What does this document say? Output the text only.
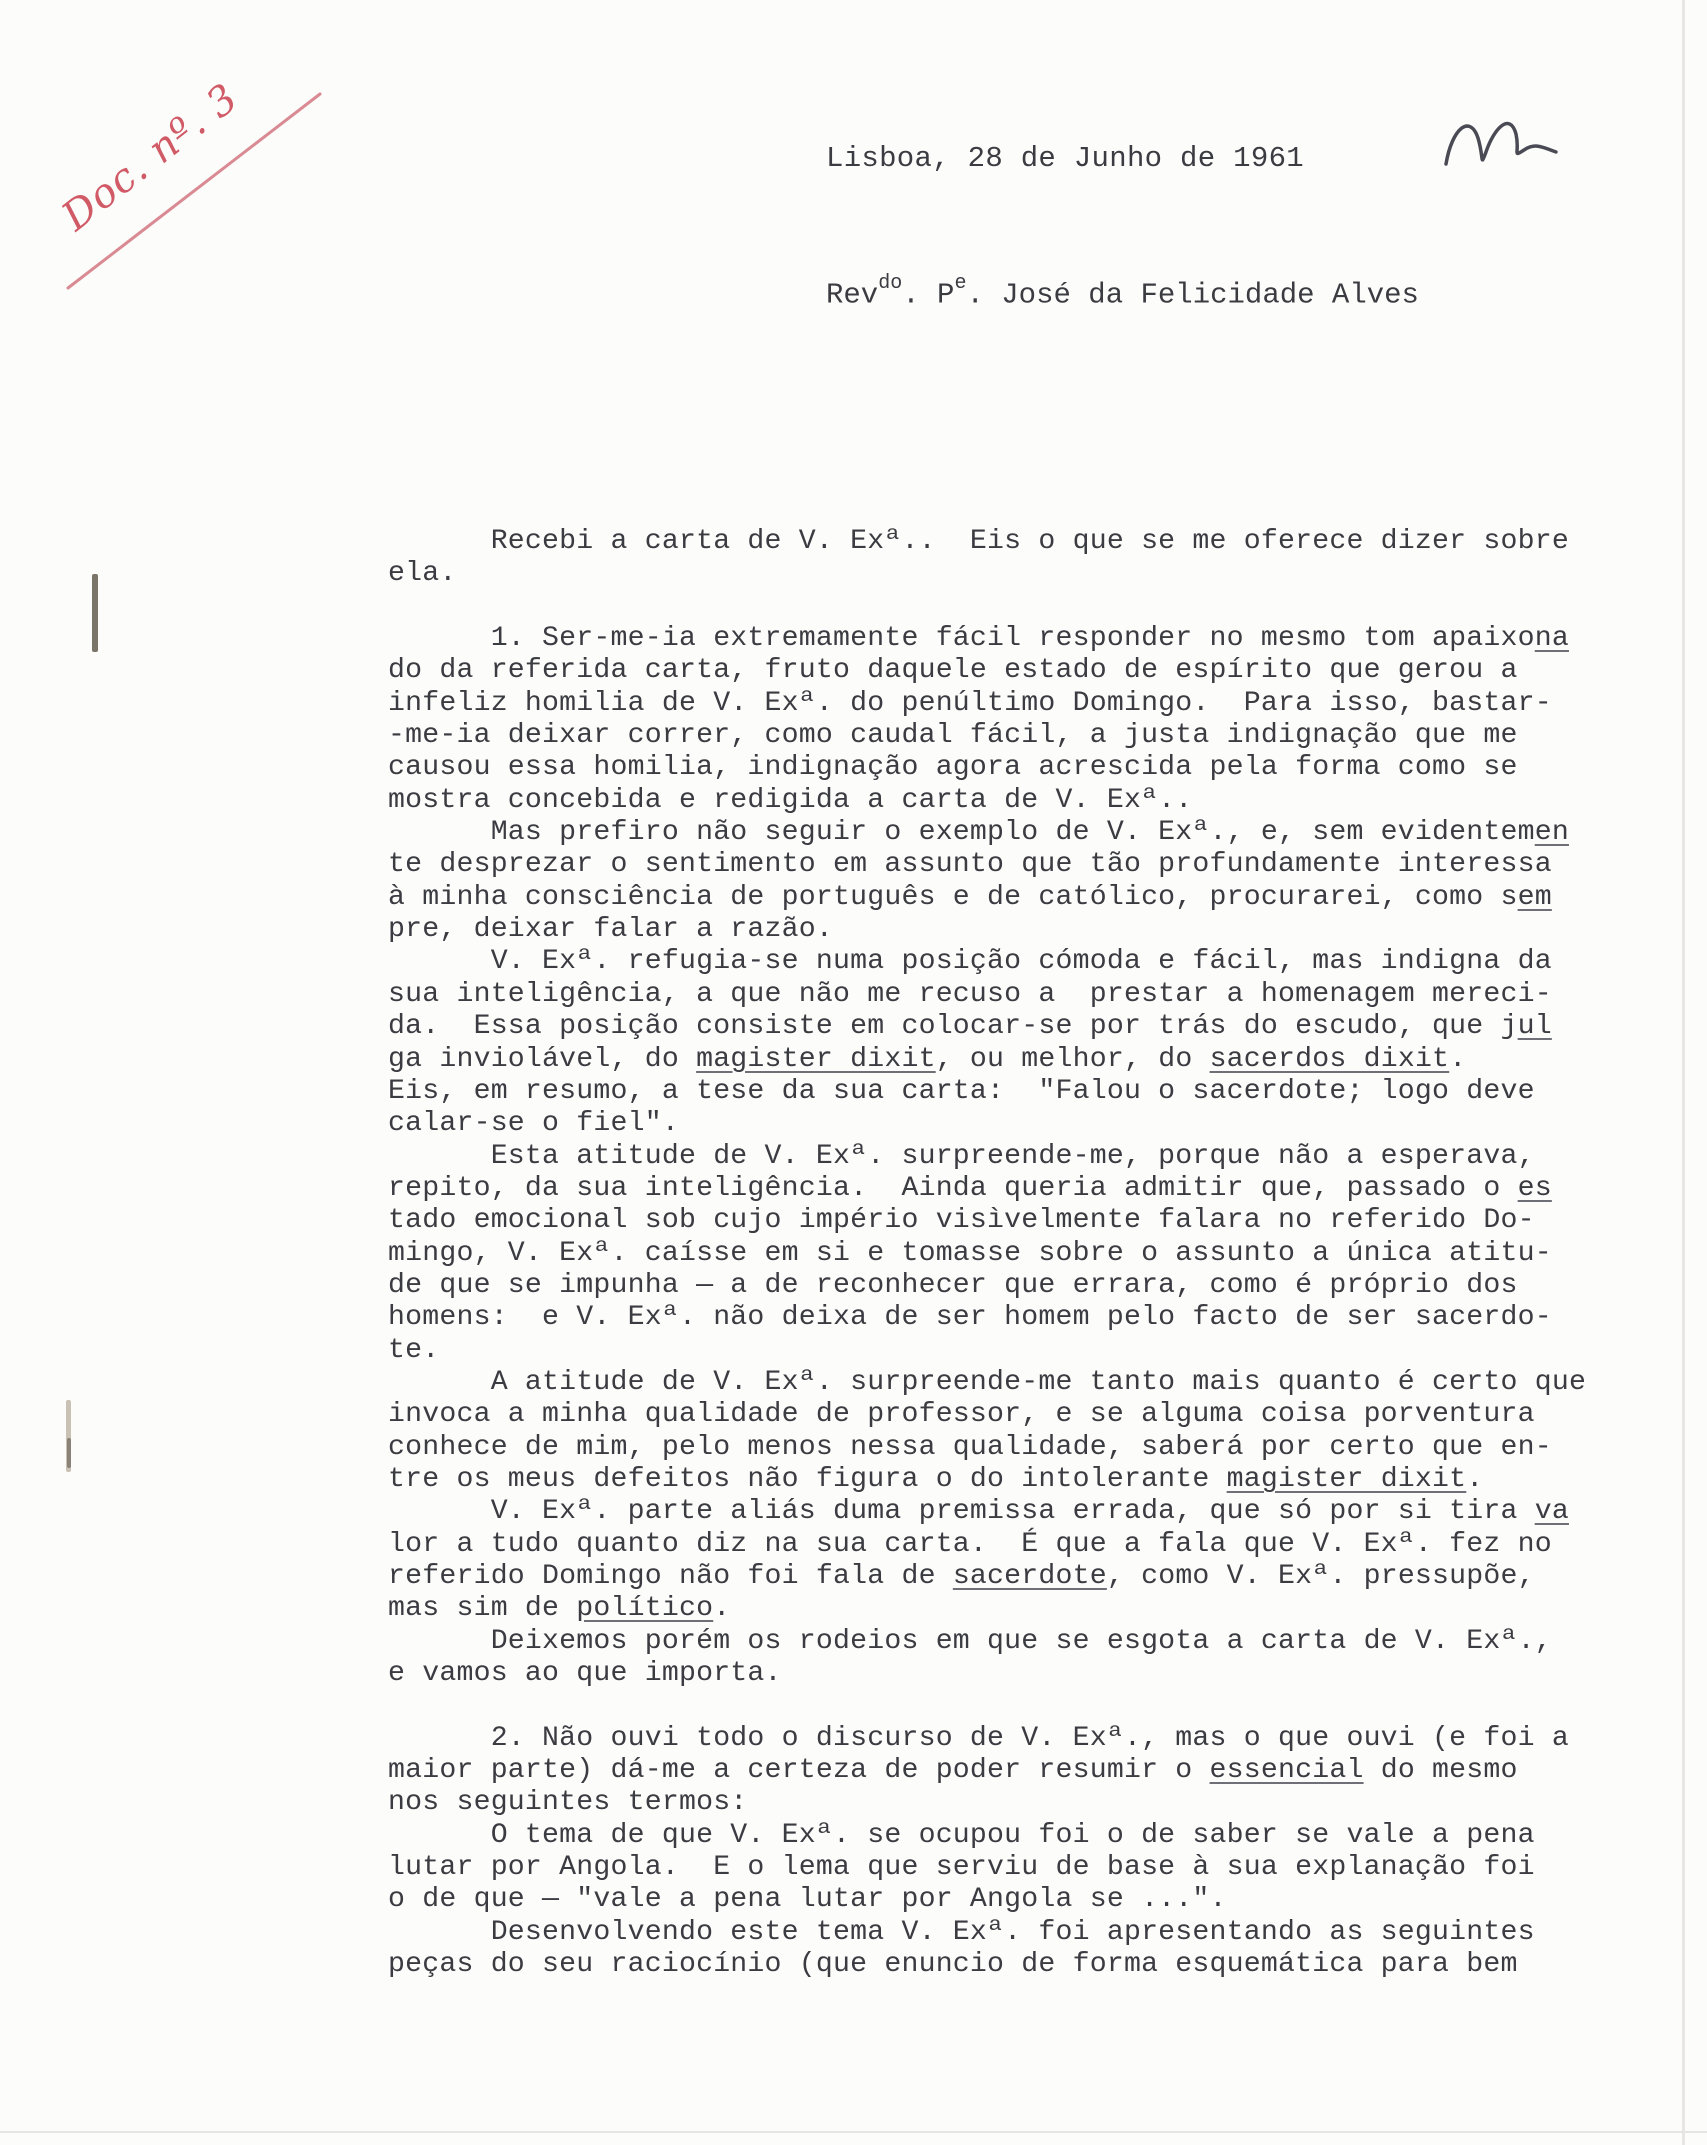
Doc. nº. 3	Lisboa, 28 de Junho de 1961
Rev$^{do}$. $P^e$. José da Felicidade Alves
Recebi a carta de V. Exª..  Eis o que se me oferece dizer sobre
ela.
1. Ser-me-ia extremamente fácil responder no mesmo tom apaixona
do da referida carta, fruto daquele estado de espírito que gerou a
infeliz homilia de V. Exª. do penúltimo Domingo.  Para isso, bastar-
-me-ia deixar correr, como caudal fácil, a justa indignação que me
causou essa homilia, indignação agora acrescida pela forma como se
mostra concebida e redigida a carta de V. Exª..
Mas prefiro não seguir o exemplo de V. Exª., e, sem evidentemen
te desprezar o sentimento em assunto que tão profundamente interessa
à minha consciência de português e de católico, procurarei, como sem
pre, deixar falar a razão.
V. Exª. refugia-se numa posição cómoda e fácil, mas indigna da
sua inteligência, a que não me recuso a  prestar a homenagem mereci-
da.  Essa posição consiste em colocar-se por trás do escudo, que jul
ga inviolável, do magister dixit, ou melhor, do sacerdos dixit.
Eis, em resumo, a tese da sua carta:  "Falou o sacerdote; logo deve
calar-se o fiel".
Esta atitude de V. Exª. surpreende-me, porque não a esperava,
repito, da sua inteligência.  Ainda queria admitir que, passado o es
tado emocional sob cujo império visìvelmente falara no referido Do-
mingo, V. Exª. caísse em si e tomasse sobre o assunto a única atitu-
de que se impunha — a de reconhecer que errara, como é próprio dos
homens:  e V. Exª. não deixa de ser homem pelo facto de ser sacerdo-
te.
A atitude de V. Exª. surpreende-me tanto mais quanto é certo que
invoca a minha qualidade de professor, e se alguma coisa porventura
conhece de mim, pelo menos nessa qualidade, saberá por certo que en-
tre os meus defeitos não figura o do intolerante magister dixit.
V. Exª. parte aliás duma premissa errada, que só por si tira va
lor a tudo quanto diz na sua carta.  É que a fala que V. Exª. fez no
referido Domingo não foi fala de sacerdote, como V. Exª. pressupõe,
mas sim de político.
Deixemos porém os rodeios em que se esgota a carta de V. Exª.,
e vamos ao que importa.
2. Não ouvi todo o discurso de V. Exª., mas o que ouvi (e foi a
maior parte) dá-me a certeza de poder resumir o essencial do mesmo
nos seguintes termos:
O tema de que V. Exª. se ocupou foi o de saber se vale a pena
lutar por Angola.  E o lema que serviu de base à sua explanação foi
o de que — "vale a pena lutar por Angola se ...".
Desenvolvendo este tema V. Exª. foi apresentando as seguintes
peças do seu raciocínio (que enuncio de forma esquemática para bem
